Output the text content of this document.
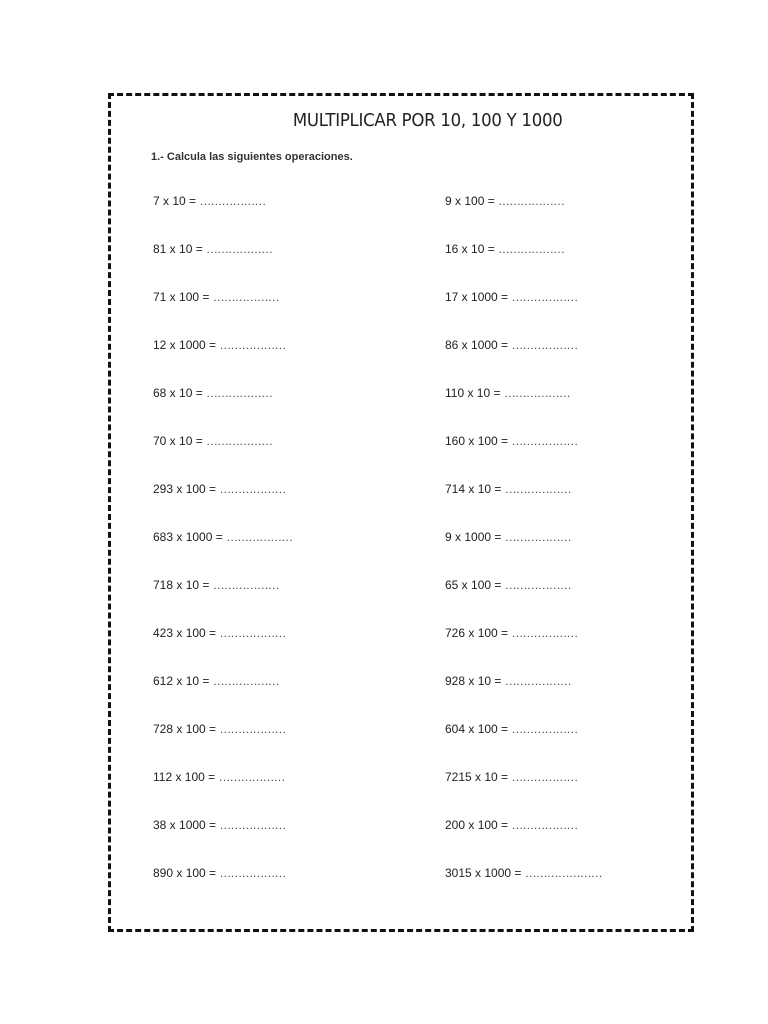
MULTIPLICAR POR 10, 100 Y 1000
1.- Calcula las siguientes operaciones.
7 x 10 = ………………
81 x 10 = ………………
71 x 100 = ………………
12 x 1000 = ………………
68 x 10 = ………………
70 x 10 = ………………
293 x 100 = ………………
683 x 1000 = ………………
718 x 10 = ………………
423 x 100 = ………………
612 x 10 = ………………
728 x 100 = ………………
112 x 100 = ………………
38 x 1000 = ………………
890 x 100 = ………………
9 x 100 = ………………
16 x 10 = ………………
17 x 1000 = ………………
86 x 1000 = ………………
110 x 10 = ………………
160 x 100 = ………………
714 x 10 = ………………
9 x 1000 = ………………
65 x 100 = ………………
726 x 100 = ………………
928 x 10 = ………………
604 x 100 = ………………
7215 x 10 = ………………
200 x 100 = ………………
3015 x 1000 = …………………
